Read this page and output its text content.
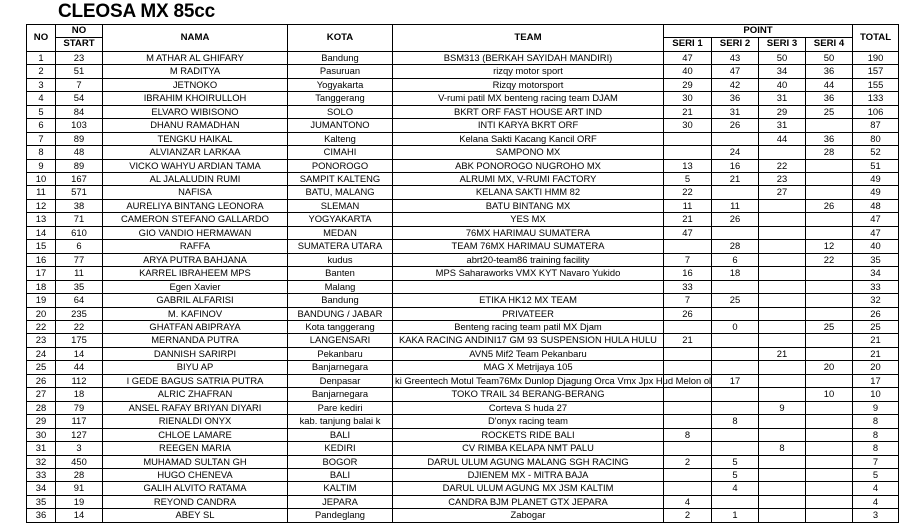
CLEOSA MX 85cc
NO	NO	NAMA	KOTA	TEAM	POINT				TOTAL
	START				SERI 1	SERI 2	SERI 3	SERI 4	
1	23	M ATHAR AL GHIFARY	Bandung	BSM313 (BERKAH SAYIDAH MANDIRI)	47	43	50	50	190
2	51	M RADITYA	Pasuruan	rizqy motor sport	40	47	34	36	157
3	7	JETNOKO	Yogyakarta	Rizqy motorsport	29	42	40	44	155
4	54	IBRAHIM KHOIRULLOH	Tanggerang	V-rumi patil MX benteng racing team DJAM	30	36	31	36	133
5	84	ELVARO WIBISONO	SOLO	BKRT ORF FAST HOUSE ART IND	21	31	29	25	106
6	103	DHANU RAMADHAN	JUMANTONO	INTI KARYA BKRT ORF	30	26	31		87
7	89	TENGKU HAIKAL	Kalteng	Kelana Sakti Kacang Kancil ORF			44	36	80
8	48	ALVIANZAR LARKAA	CIMAHI	SAMPONO MX		24		28	52
9	89	VICKO WAHYU ARDIAN TAMA	PONOROGO	ABK PONOROGO NUGROHO MX	13	16	22		51
10	167	AL JALALUDIN RUMI	SAMPIT KALTENG	ALRUMI MX, V-RUMI FACTORY	5	21	23		49
11	571	NAFISA	BATU, MALANG	KELANA SAKTI HMM 82	22		27		49
12	38	AURELIYA BINTANG LEONORA	SLEMAN	BATU BINTANG MX	11	11		26	48
13	71	CAMERON STEFANO GALLARDO	YOGYAKARTA	YES MX	21	26			47
14	610	GIO VANDIO HERMAWAN	MEDAN	76MX HARIMAU SUMATERA	47				47
15	6	RAFFA	SUMATERA UTARA	TEAM 76MX HARIMAU SUMATERA		28		12	40
16	77	ARYA PUTRA BAHJANA	kudus	abrt20-team86 training facility	7	6		22	35
17	11	KARREL IBRAHEEM MPS	Banten	MPS Saharaworks VMX KYT Navaro Yukido	16	18			34
18	35	Egen Xavier	Malang		33				33
19	64	GABRIL ALFARISI	Bandung	ETIKA HK12 MX TEAM	7	25			32
20	235	M. KAFINOV	BANDUNG / JABAR	PRIVATEER	26				26
22	22	GHATFAN ABIPRAYA	Kota tanggerang	Benteng racing team patil MX Djam		0		25	25
23	175	MERNANDA PUTRA	LANGENSARI	KAKA RACING ANDINI17 GM 93 SUSPENSION HULA HULU	21				21
24	14	DANNISH SARIRPI	Pekanbaru	AVN5 Mif2 Team Pekanbaru			21		21
25	44	BIYU AP	Banjarnegara	MAG X Metrijaya 105				20	20
26	112	I GEDE BAGUS SATRIA PUTRA	Denpasar	ki Greentech Motul Team76Mx Dunlop Djagung Orca Vmx Jpx Hud Melon ol		17			17
27	18	ALRIC ZHAFRAN	Banjarnegara	TOKO TRAIL 34 BERANG-BERANG				10	10
28	79	ANSEL RAFAY BRIYAN DIYARI	Pare kediri	Corteva S huda 27			9		9
29	117	RIENALDI ONYX	kab. tanjung balai k	D'onyx racing team		8			8
30	127	CHLOE LAMARE	BALI	ROCKETS RIDE BALI	8				8
31	3	REEGEN MARIA	KEDIRI	CV RIMBA KELAPA NMT PALU			8		8
32	450	MUHAMAD SULTAN GH	BOGOR	DARUL ULUM AGUNG MALANG SGH RACING	2	5			7
33	28	HUGO CHENEVA	BALI	DJIENEM MX - MITRA BAJA		5			5
34	91	GALIH ALVITO RATAMA	KALTIM	DARUL ULUM AGUNG MX JSM KALTIM		4			4
35	19	REYOND CANDRA	JEPARA	CANDRA BJM PLANET GTX JEPARA	4				4
36	14	ABEY SL	Pandeglang	Zabogar	2	1			3
